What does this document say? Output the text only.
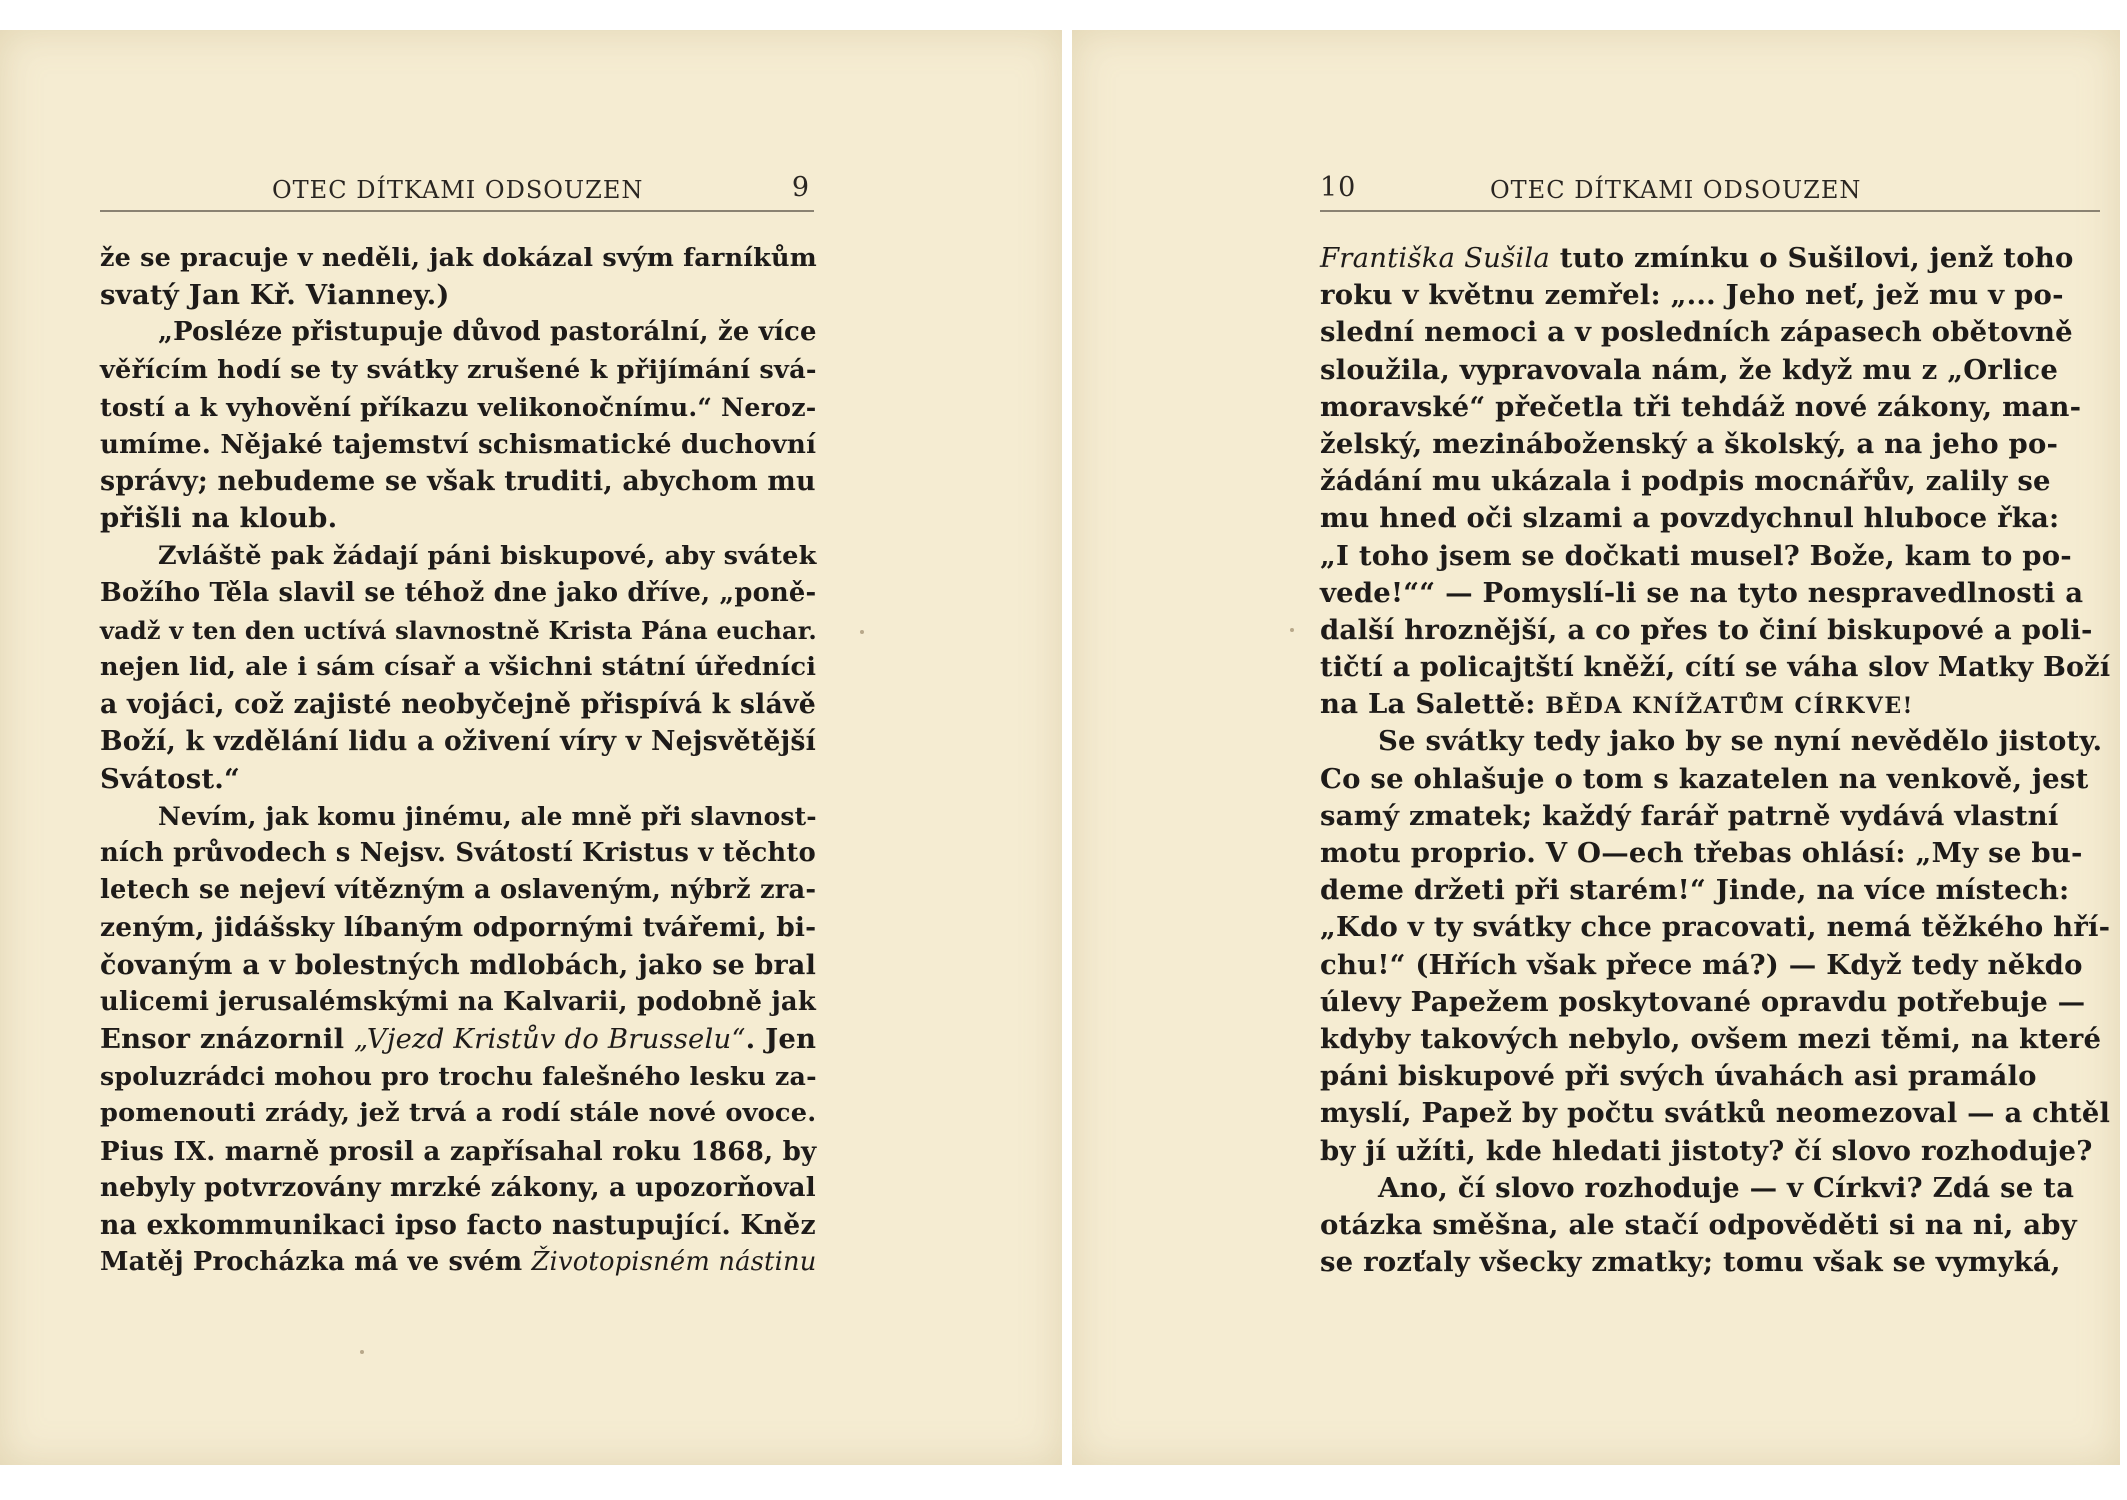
OTEC DÍTKAMI ODSOUZEN	9
že se pracuje v neděli, jak dokázal svým farníkům
svatý Jan Kř. Vianney.)
„Posléze přistupuje důvod pastorální, že více
věřícím hodí se ty svátky zrušené k přijímání svá-
tostí a k vyhovění příkazu velikonočnímu.“ Neroz-
umíme. Nějaké tajemství schismatické duchovní
správy; nebudeme se však truditi, abychom mu
přišli na kloub.
Zvláště pak žádají páni biskupové, aby svátek
Božího Těla slavil se téhož dne jako dříve, „poně-
vadž v ten den uctívá slavnostně Krista Pána euchar.
nejen lid, ale i sám císař a všichni státní úředníci
a vojáci, což zajisté neobyčejně přispívá k slávě
Boží, k vzdělání lidu a oživení víry v Nejsvětější
Svátost.“
Nevím, jak komu jinému, ale mně při slavnost-
ních průvodech s Nejsv. Svátostí Kristus v těchto
letech se nejeví vítězným a oslaveným, nýbrž zra-
zeným, jidášsky líbaným odpornými tvářemi, bi-
čovaným a v bolestných mdlobách, jako se bral
ulicemi jerusalémskými na Kalvarii, podobně jak
Ensor znázornil „Vjezd Kristův do Brusselu“. Jen
spoluzrádci mohou pro trochu falešného lesku za-
pomenouti zrády, jež trvá a rodí stále nové ovoce.
Pius IX. marně prosil a zapřísahal roku 1868, by
nebyly potvrzovány mrzké zákony, a upozorňoval
na exkommunikaci ipso facto nastupující. Kněz
Matěj Procházka má ve svém Životopisném nástinu
10	OTEC DÍTKAMI ODSOUZEN
Františka Sušila tuto zmínku o Sušilovi, jenž toho
roku v květnu zemřel: „... Jeho neť, jež mu v po-
slední nemoci a v posledních zápasech obětovně
sloužila, vypravovala nám, že když mu z „Orlice
moravské“ přečetla tři tehdáž nové zákony, man-
želský, mezináboženský a školský, a na jeho po-
žádání mu ukázala i podpis mocnářův, zalily se
mu hned oči slzami a povzdychnul hluboce řka:
„I toho jsem se dočkati musel? Bože, kam to po-
vede!““ — Pomyslí-li se na tyto nespravedlnosti a
další hroznější, a co přes to činí biskupové a poli-
tičtí a policajtští kněží, cítí se váha slov Matky Boží
na La Salettě: BĚDA KNÍŽATŮM CÍRKVE!
Se svátky tedy jako by se nyní nevědělo jistoty.
Co se ohlašuje o tom s kazatelen na venkově, jest
samý zmatek; každý farář patrně vydává vlastní
motu proprio. V O—ech třebas ohlásí: „My se bu-
deme držeti při starém!“ Jinde, na více místech:
„Kdo v ty svátky chce pracovati, nemá těžkého hří-
chu!“ (Hřích však přece má?) — Když tedy někdo
úlevy Papežem poskytované opravdu potřebuje —
kdyby takových nebylo, ovšem mezi těmi, na které
páni biskupové při svých úvahách asi pramálo
myslí, Papež by počtu svátků neomezoval — a chtěl
by jí užíti, kde hledati jistoty? čí slovo rozhoduje?
Ano, čí slovo rozhoduje — v Církvi? Zdá se ta
otázka směšna, ale stačí odpověděti si na ni, aby
se rozťaly všecky zmatky; tomu však se vymyká,
